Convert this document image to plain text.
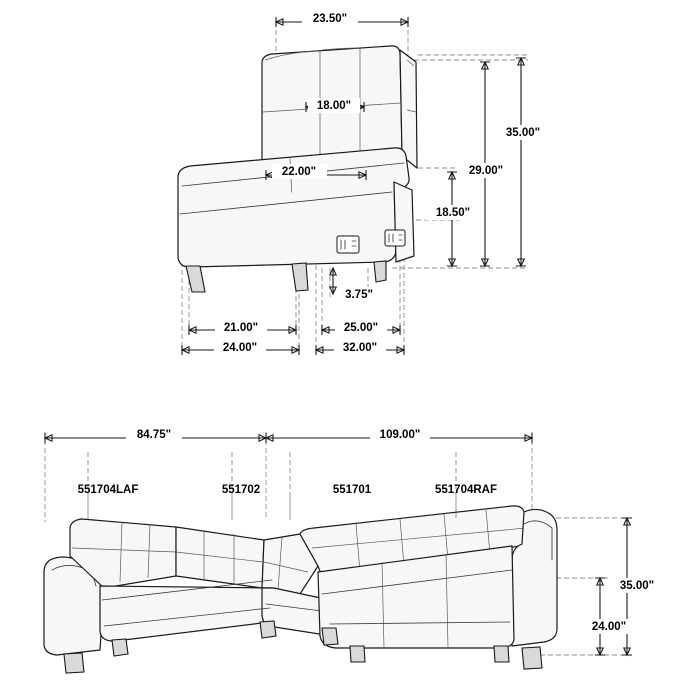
23.50"
18.00"
22.00"
35.00"
29.00"
18.50"
3.75"
21.00"	25.00"
24.00"	32.00"
84.75"	109.00"
35.00"
24.00"
551704LAF	551702	551701	551704RAF
